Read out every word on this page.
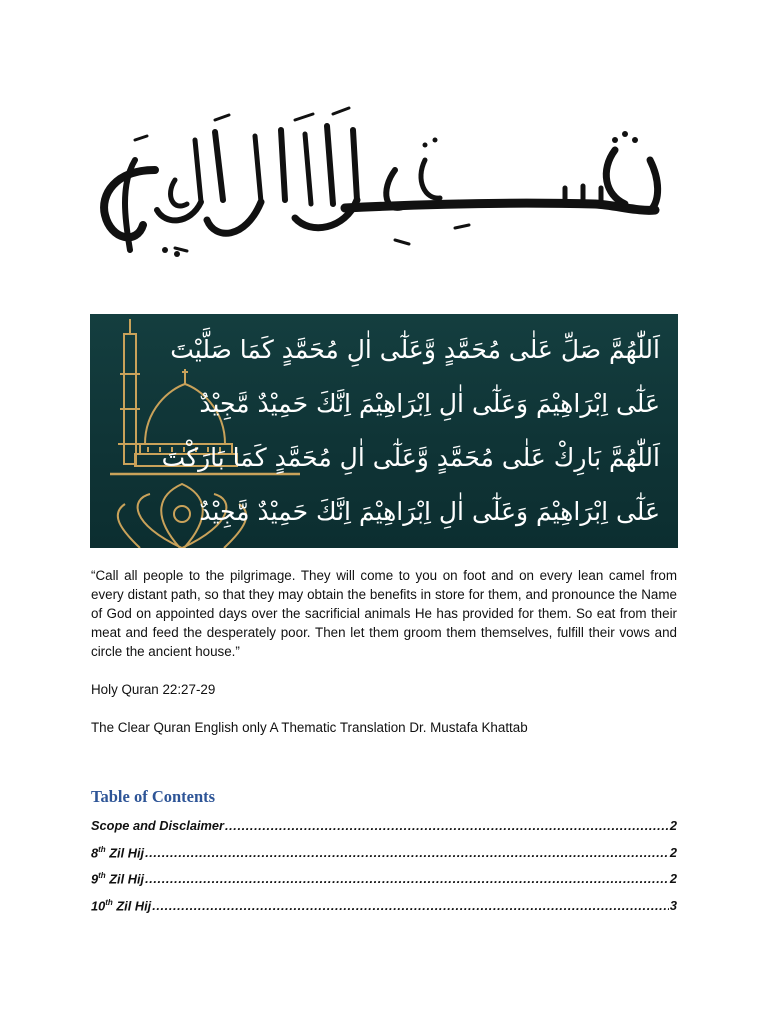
اَللّٰهُمَّ صَلِّ عَلٰى مُحَمَّدٍ وَّعَلٰٓى اٰلِ مُحَمَّدٍ كَمَا صَلَّيْتَ
عَلٰٓى اِبْرَاهِيْمَ وَعَلٰٓى اٰلِ اِبْرَاهِيْمَ اِنَّكَ حَمِيْدٌ مَّجِيْدٌ
اَللّٰهُمَّ بَارِكْ عَلٰى مُحَمَّدٍ وَّعَلٰٓى اٰلِ مُحَمَّدٍ كَمَا بَارَكْتَ
عَلٰٓى اِبْرَاهِيْمَ وَعَلٰٓى اٰلِ اِبْرَاهِيْمَ اِنَّكَ حَمِيْدٌ مَّجِيْدٌ

“Call all people to the pilgrimage. They will come to you on foot and on every lean camel from every distant path, so that they may obtain the benefits in store for them, and pronounce the Name of God on appointed days over the sacrificial animals He has provided for them. So eat from their meat and feed the desperately poor. Then let them groom them themselves, fulfill their vows and circle the ancient house.”

Holy Quran 22:27-29
The Clear Quran English only A Thematic Translation Dr. Mustafa Khattab
Table of Contents
Scope and Disclaimer .....	2
8th Zil Hij .....	2
9th Zil Hij .....	2
10th Zil Hij .....	3
